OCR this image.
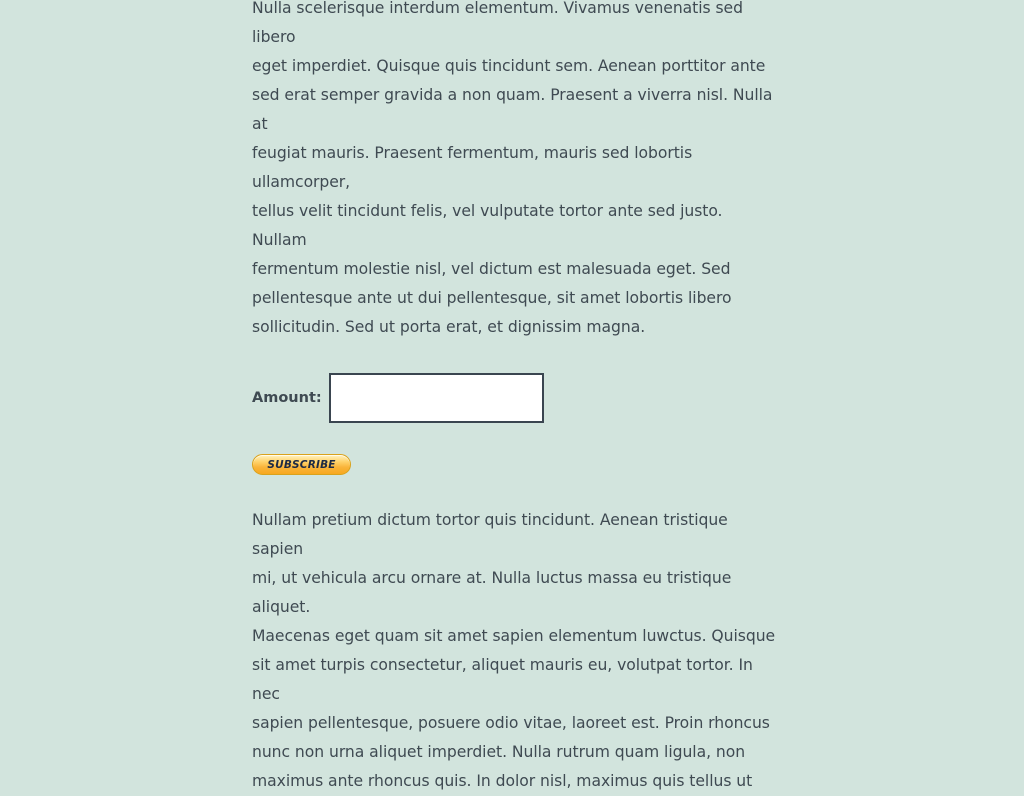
Nulla scelerisque interdum elementum. Vivamus venenatis sed libero
eget imperdiet. Quisque quis tincidunt sem. Aenean porttitor ante
sed erat semper gravida a non quam. Praesent a viverra nisl. Nulla at
feugiat mauris. Praesent fermentum, mauris sed lobortis ullamcorper,
tellus velit tincidunt felis, vel vulputate tortor ante sed justo. Nullam
fermentum molestie nisl, vel dictum est malesuada eget. Sed
pellentesque ante ut dui pellentesque, sit amet lobortis libero
sollicitudin. Sed ut porta erat, et dignissim magna.

Amount:
SUBSCRIBE

Nullam pretium dictum tortor quis tincidunt. Aenean tristique sapien
mi, ut vehicula arcu ornare at. Nulla luctus massa eu tristique aliquet.
Maecenas eget quam sit amet sapien elementum luwctus. Quisque
sit amet turpis consectetur, aliquet mauris eu, volutpat tortor. In nec
sapien pellentesque, posuere odio vitae, laoreet est. Proin rhoncus
nunc non urna aliquet imperdiet. Nulla rutrum quam ligula, non
maximus ante rhoncus quis. In dolor nisl, maximus quis tellus ut
